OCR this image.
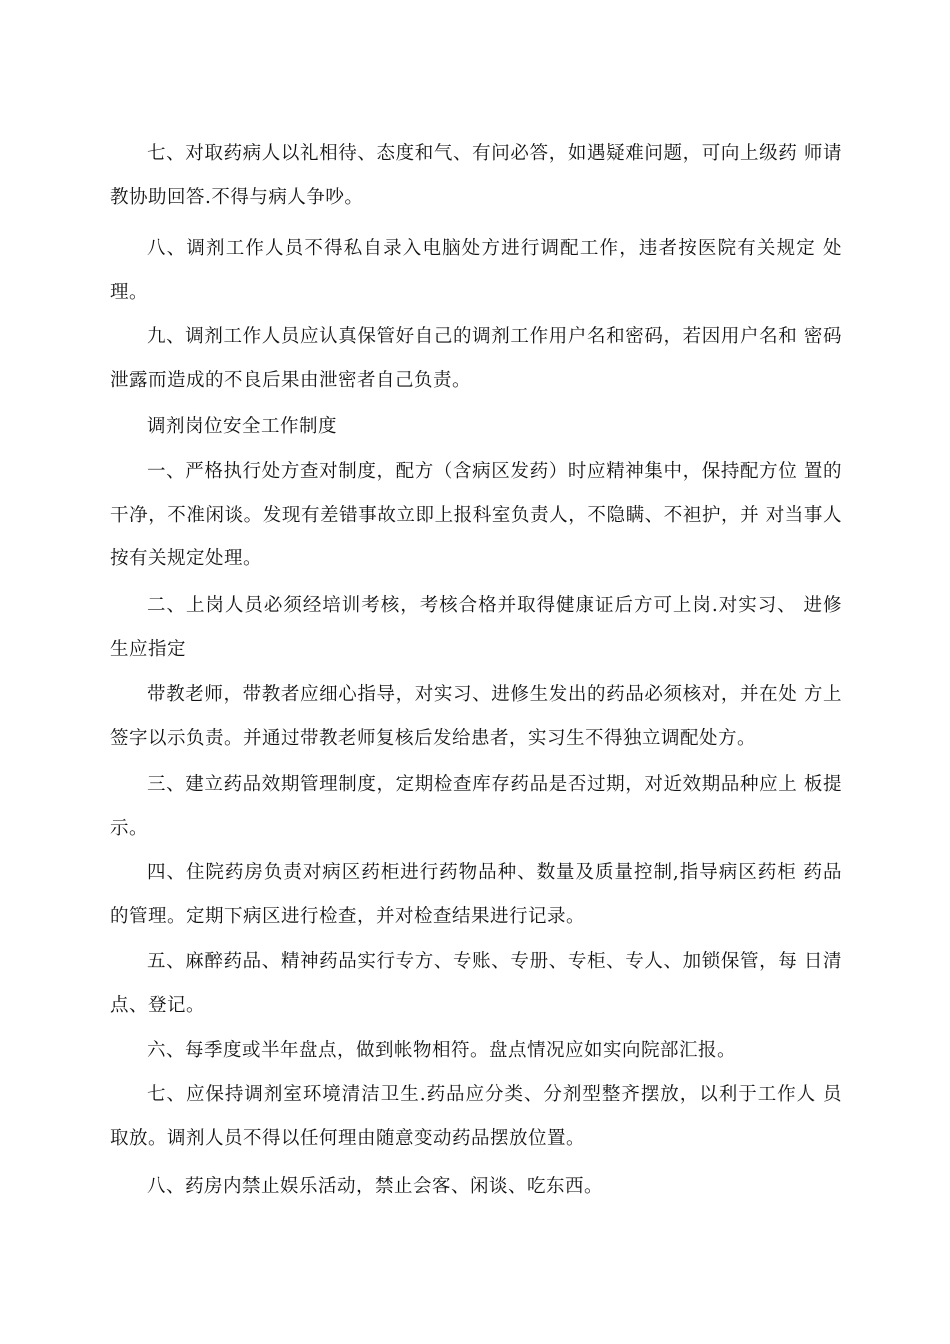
七、对取药病人以礼相待、态度和气、有问必答，如遇疑难问题，可向上级药 师请教协助回答.不得与病人争吵。

八、调剂工作人员不得私自录入电脑处方进行调配工作，违者按医院有关规定 处理。

九、调剂工作人员应认真保管好自己的调剂工作用户名和密码，若因用户名和 密码泄露而造成的不良后果由泄密者自己负责。

调剂岗位安全工作制度

一、严格执行处方查对制度，配方（含病区发药）时应精神集中，保持配方位 置的干净，不准闲谈。发现有差错事故立即上报科室负责人，不隐瞒、不袒护，并 对当事人按有关规定处理。

二、上岗人员必须经培训考核，考核合格并取得健康证后方可上岗.对实习、 进修生应指定

带教老师，带教者应细心指导，对实习、进修生发出的药品必须核对，并在处 方上签字以示负责。并通过带教老师复核后发给患者，实习生不得独立调配处方。

三、建立药品效期管理制度，定期检查库存药品是否过期，对近效期品种应上 板提示。

四、住院药房负责对病区药柜进行药物品种、数量及质量控制,指导病区药柜 药品的管理。定期下病区进行检查，并对检查结果进行记录。

五、麻醉药品、精神药品实行专方、专账、专册、专柜、专人、加锁保管，每 日清点、登记。

六、每季度或半年盘点，做到帐物相符。盘点情况应如实向院部汇报。

七、应保持调剂室环境清洁卫生.药品应分类、分剂型整齐摆放，以利于工作人 员取放。调剂人员不得以任何理由随意变动药品摆放位置。

八、药房内禁止娱乐活动，禁止会客、闲谈、吃东西。
